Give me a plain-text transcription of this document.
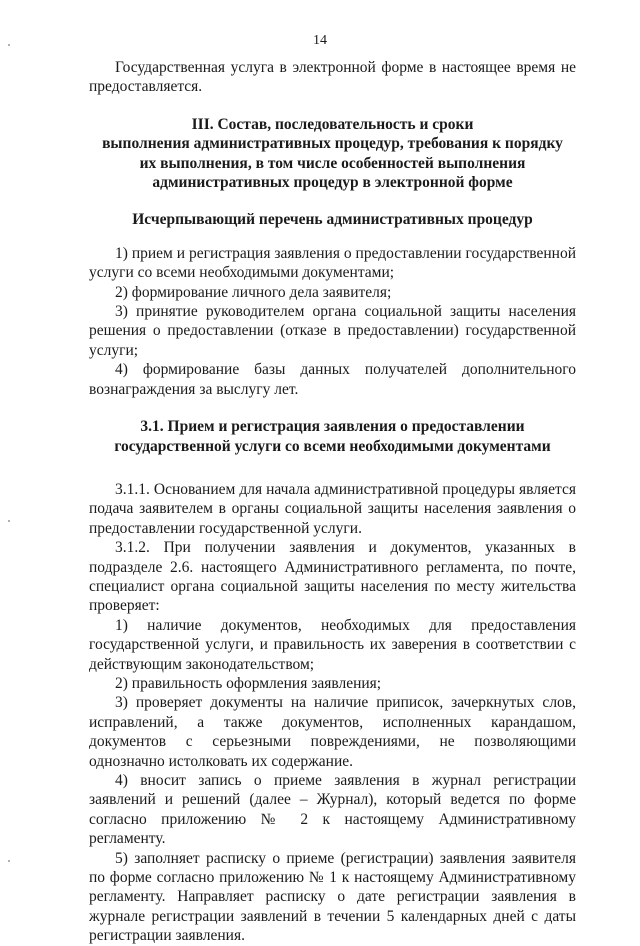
14

Государственная услуга в электронной форме в настоящее время не предоставляется.

III. Состав, последовательность и сроки

выполнения административных процедур, требования к порядку

их выполнения, в том числе особенностей выполнения

административных процедур в электронной форме

Исчерпывающий перечень административных процедур

1) прием и регистрация заявления о предоставлении государственной услуги со всеми необходимыми документами;

2) формирование личного дела заявителя;

3) принятие руководителем органа социальной защиты населения решения о предоставлении (отказе в предоставлении) государственной услуги;

4) формирование базы данных получателей дополнительного вознаграждения за выслугу лет.

3.1. Прием и регистрация заявления о предоставлении

государственной услуги со всеми необходимыми документами

3.1.1. Основанием для начала административной процедуры является подача заявителем в органы социальной защиты населения заявления о предоставлении государственной услуги.

3.1.2. При получении заявления и документов, указанных в подразделе 2.6. настоящего Административного регламента, по почте, специалист органа социальной защиты населения по месту жительства проверяет:

1) наличие документов, необходимых для предоставления государственной услуги, и правильность их заверения в соответствии с действующим законодательством;

2) правильность оформления заявления;

3) проверяет документы на наличие приписок, зачеркнутых слов, исправлений, а также документов, исполненных карандашом, документов с серьезными повреждениями, не позволяющими однозначно истолковать их содержание.

4) вносит запись о приеме заявления в журнал регистрации заявлений и решений (далее – Журнал), который ведется по форме согласно приложению № 2 к настоящему Административному регламенту.

5) заполняет расписку о приеме (регистрации) заявления заявителя по форме согласно приложению № 1 к настоящему Административному регламенту. Направляет расписку о дате регистрации заявления в журнале регистрации заявлений в течении 5 календарных дней с даты регистрации заявления.
